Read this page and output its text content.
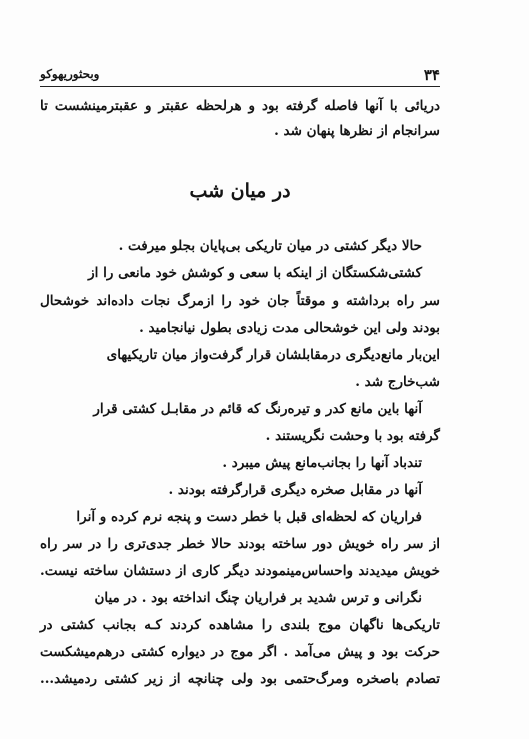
۳۴
وبحثوريهوكو
دریائی با آنها فاصله گرفته بود و هرلحظه عقبتر و عقبترمینشست تا
سرانجام از نظرها پنهان شد .
در میان شب
حالا دیگر کشتی در میان تاریکی بی‌پایان بجلو میرفت .
کشتی‌شکستگان از اینکه با سعی و کوشش خود مانعی را از
سر راه برداشته و موقتاً جان خود را ازمرگ نجات داده‌اند خوشحال
بودند ولی این خوشحالی مدت زیادی بطول نیانجامید .
این‌بار مانع‌دیگری درمقابلشان قرار گرفت‌واز میان تاریکیهای
شب‌خارج شد .
آنها باین مانع کدر و تیره‌رنگ که قائم در مقابـل کشتی قرار
گرفته بود با وحشت نگریستند .
تندباد آنها را بجانب‌مانع پیش میبرد .
آنها در مقابل صخره دیگری قرارگرفته بودند .
فراریان که لحظه‌ای قبل با خطر دست و پنجه نرم کرده و آنرا
از سر راه خویش دور ساخته بودند حالا خطر جدی‌تری را در سر راه
خویش میدیدند واحساس‌مینمودند دیگر کاری از دستشان ساخته نیست.
نگرانی و ترس شدید بر فراریان چنگ انداخته بود . در میان
تاریکی‌ها ناگهان موج بلندی را مشاهده کردند کـه بجانب کشتی در
حرکت بود و پیش می‌آمد . اگر موج در دیواره کشتی درهم‌میشکست
تصادم باصخره ومرگ‌حتمی بود ولی چنانچه از زیر کشتی ردمیشد...
